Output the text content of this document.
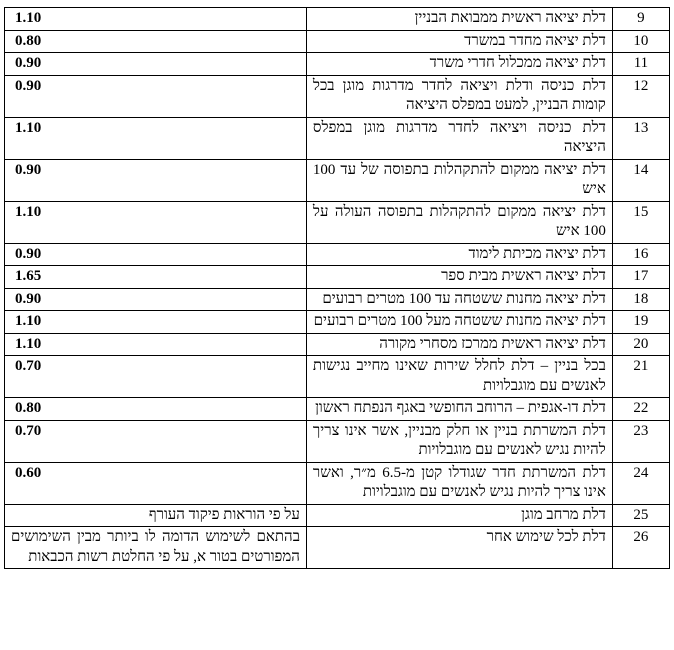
9	דלת יציאה ראשית ממבואת הבניין	1.10

10	דלת יציאה מחדר במשרד	0.80

11	דלת יציאה ממכלול חדרי משרד	0.90

12	דלת כניסה ודלת ויציאה לחדר מדרגות מוגן בכל קומות הבניין, למעט במפלס היציאה	0.90

13	דלת כניסה ויציאה לחדר מדרגות מוגן במפלס היציאה	1.10

14	דלת יציאה ממקום להתקהלות בתפוסה של עד 100 איש	0.90

15	דלת יציאה ממקום להתקהלות בתפוסה העולה על 100 איש	1.10

16	דלת יציאה מכיתת לימוד	0.90

17	דלת יציאה ראשית מבית ספר	1.65

18	דלת יציאה מחנות ששטחה עד 100 מטרים רבועים	0.90

19	דלת יציאה מחנות ששטחה מעל 100 מטרים רבועים	1.10

20	דלת יציאה ראשית ממרכז מסחרי מקורה	1.10

21	בכל בניין – דלת לחלל שירות שאינו מחייב נגישות לאנשים עם מוגבלויות	0.70

22	דלת דו-אגפית – הרוחב החופשי באגף הנפתח ראשון	0.80

23	דלת המשרתת בניין או חלק מבניין, אשר אינו צריך להיות נגיש לאנשים עם מוגבלויות	0.70

24	דלת המשרתת חדר שגודלו קטן מ-6.5 מ״ר, ואשר אינו צריך להיות נגיש לאנשים עם מוגבלויות	0.60

25	דלת מרחב מוגן	על פי הוראות פיקוד העורף

26	דלת לכל שימוש אחר	בהתאם לשימוש הדומה לו ביותר מבין השימושים המפורטים בטור א, על פי החלטת רשות הכבאות
